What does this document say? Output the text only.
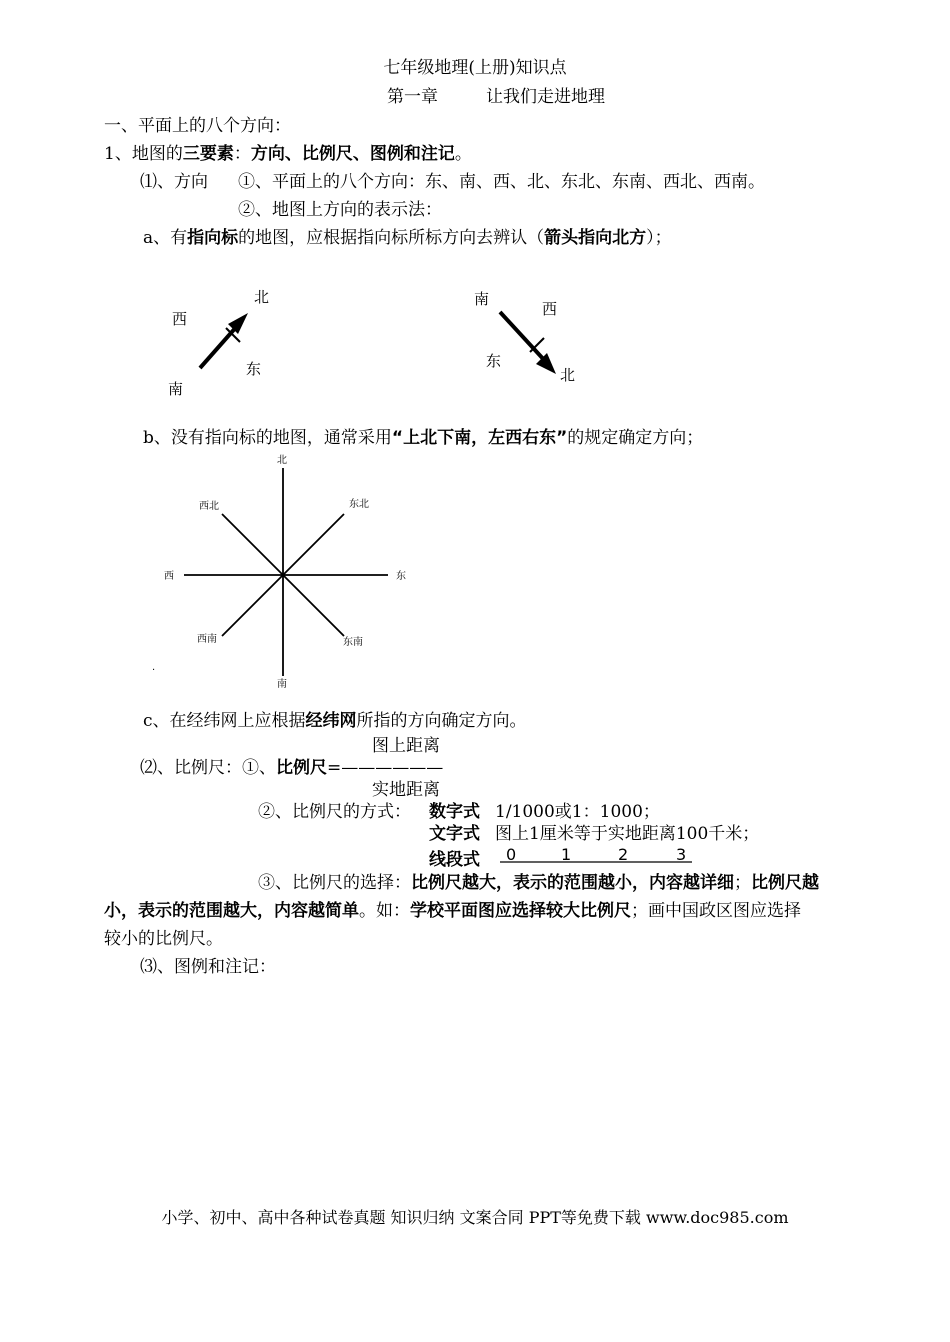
七年级地理(上册)知识点
第一章	让我们走进地理
一、平面上的八个方向：
1、地图的三要素：方向、比例尺、图例和注记。
⑴、方向 ①、平面上的八个方向：东、南、西、北、东北、东南、西北、西南。
②、地图上方向的表示法：
a、有指向标的地图，应根据指向标所标方向去辨认（箭头指向北方）；
北
西
东
南
南
西
东
北
b、没有指向标的地图，通常采用“上北下南，左西右东”的规定确定方向；
北
东北
东
东南
南
西南
西
西北
.
c、在经纬网上应根据经纬网所指的方向确定方向。
图上距离
⑵、比例尺：①、比例尺=——————
实地距离
②、比例尺的方式： 数字式 1/1000或1：1000；
文字式 图上1厘米等于实地距离100千米；
线段式 0	1	2	3
③、比例尺的选择：比例尺越大，表示的范围越小，内容越详细；比例尺越
小，表示的范围越大，内容越简单。如：学校平面图应选择较大比例尺；画中国政区图应选择
较小的比例尺。
⑶、图例和注记：
小学、初中、高中各种试卷真题 知识归纳 文案合同 PPT等免费下载 www.doc985.com
